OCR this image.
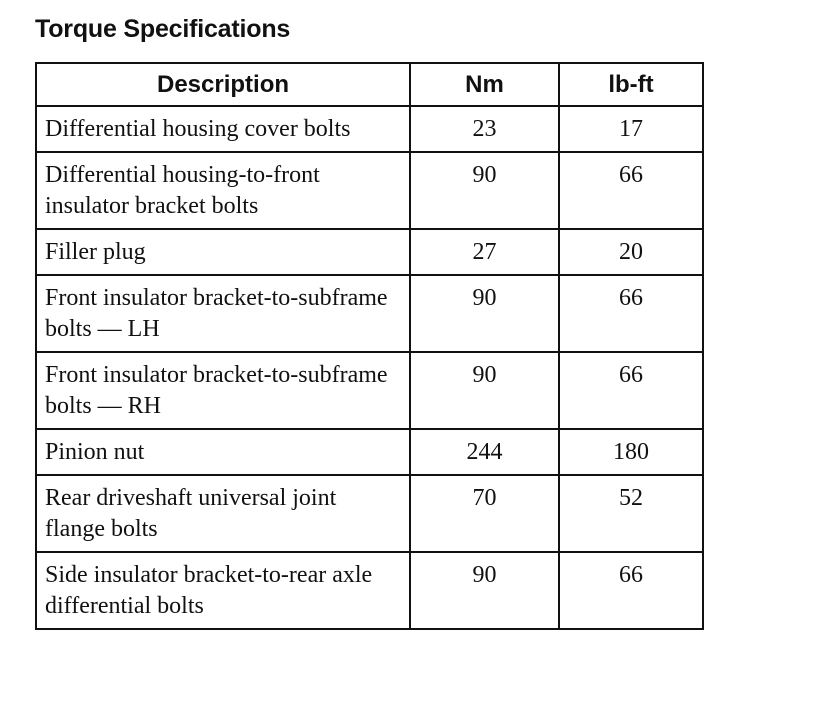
Torque Specifications
Description	Nm	lb-ft
Differential housing cover bolts	23	17
Differential housing-to-front insulator bracket bolts	90	66
Filler plug	27	20
Front insulator bracket-to-subframe bolts — LH	90	66
Front insulator bracket-to-subframe bolts — RH	90	66
Pinion nut	244	180
Rear driveshaft universal joint flange bolts	70	52
Side insulator bracket-to-rear axle differential bolts	90	66
